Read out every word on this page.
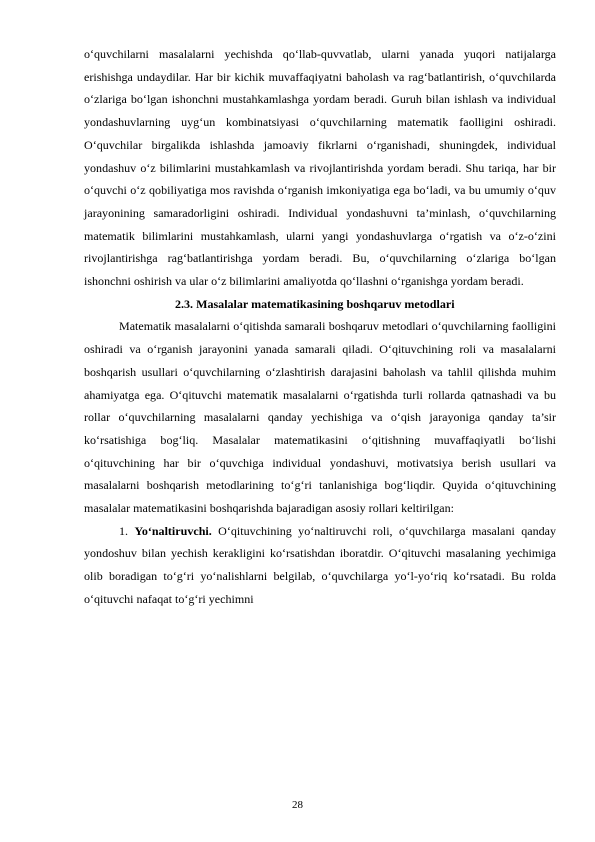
o‘quvchilarni masalalarni yechishda qo‘llab-quvvatlab, ularni yanada yuqori natijalarga erishishga undaydilar. Har bir kichik muvaffaqiyatni baholash va rag‘batlantirish, o‘quvchilarda o‘zlariga bo‘lgan ishonchni mustahkamlashga yordam beradi. Guruh bilan ishlash va individual yondashuvlarning uyg‘un kombinatsiyasi o‘quvchilarning matematik faolligini oshiradi. O‘quvchilar birgalikda ishlashda jamoaviy fikrlarni o‘rganishadi, shuningdek, individual yondashuv o‘z bilimlarini mustahkamlash va rivojlantirishda yordam beradi. Shu tariqa, har bir o‘quvchi o‘z qobiliyatiga mos ravishda o‘rganish imkoniyatiga ega bo‘ladi, va bu umumiy o‘quv jarayonining samaradorligini oshiradi. Individual yondashuvni ta’minlash, o‘quvchilarning matematik bilimlarini mustahkamlash, ularni yangi yondashuvlarga o‘rgatish va o‘z-o‘zini rivojlantirishga rag‘batlantirishga yordam beradi. Bu, o‘quvchilarning o‘zlariga bo‘lgan ishonchni oshirish va ular o‘z bilimlarini amaliyotda qo‘llashni o‘rganishga yordam beradi.

2.3. Masalalar matematikasining boshqaruv metodlari

Matematik masalalarni o‘qitishda samarali boshqaruv metodlari o‘quvchilarning faolligini oshiradi va o‘rganish jarayonini yanada samarali qiladi. O‘qituvchining roli va masalalarni boshqarish usullari o‘quvchilarning o‘zlashtirish darajasini baholash va tahlil qilishda muhim ahamiyatga ega. O‘qituvchi matematik masalalarni o‘rgatishda turli rollarda qatnashadi va bu rollar o‘quvchilarning masalalarni qanday yechishiga va o‘qish jarayoniga qanday ta’sir ko‘rsatishiga bog‘liq. Masalalar matematikasini o‘qitishning muvaffaqiyatli bo‘lishi o‘qituvchining har bir o‘quvchiga individual yondashuvi, motivatsiya berish usullari va masalalarni boshqarish metodlarining to‘g‘ri tanlanishiga bog‘liqdir. Quyida o‘qituvchining masalalar matematikasini boshqarishda bajaradigan asosiy rollari keltirilgan:

1. Yo‘naltiruvchi. O‘qituvchining yo‘naltiruvchi roli, o‘quvchilarga masalani qanday yondoshuv bilan yechish kerakligini ko‘rsatishdan iboratdir. O‘qituvchi masalaning yechimiga olib boradigan to‘g‘ri yo‘nalishlarni belgilab, o‘quvchilarga yo‘l-yo‘riq ko‘rsatadi. Bu rolda o‘qituvchi nafaqat to‘g‘ri yechimni

28
